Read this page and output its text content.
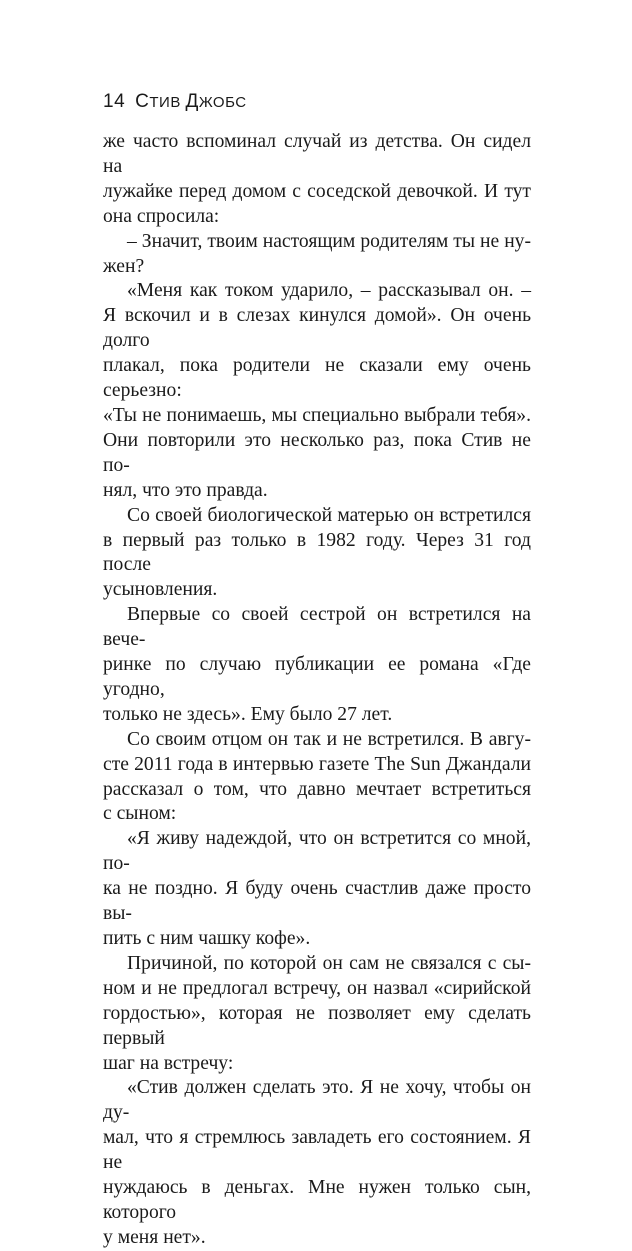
14 СТИВ ДЖОБС

же часто вспоминал случай из детства. Он сидел на
лужайке перед домом с соседской девочкой. И тут
она спросила:

– Значит, твоим настоящим родителям ты не ну-
жен?

«Меня как током ударило, – рассказывал он. –
Я вскочил и в слезах кинулся домой». Он очень долго
плакал, пока родители не сказали ему очень серьезно:
«Ты не понимаешь, мы специально выбрали тебя».
Они повторили это несколько раз, пока Стив не по-
нял, что это правда.

Со своей биологической матерью он встретился
в первый раз только в 1982 году. Через 31 год после
усыновления.

Впервые со своей сестрой он встретился на вече-
ринке по случаю публикации ее романа «Где угодно,
только не здесь». Ему было 27 лет.

Со своим отцом он так и не встретился. В авгу-
сте 2011 года в интервью газете The Sun Джандали
рассказал о том, что давно мечтает встретиться
с сыном:

«Я живу надеждой, что он встретится со мной, по-
ка не поздно. Я буду очень счастлив даже просто вы-
пить с ним чашку кофе».

Причиной, по которой он сам не связался с сы-
ном и не предлогал встречу, он назвал «сирийской
гордостью», которая не позволяет ему сделать первый
шаг на встречу:

«Стив должен сделать это. Я не хочу, чтобы он ду-
мал, что я стремлюсь завладеть его состоянием. Я не
нуждаюсь в деньгах. Мне нужен только сын, которого
у меня нет».
